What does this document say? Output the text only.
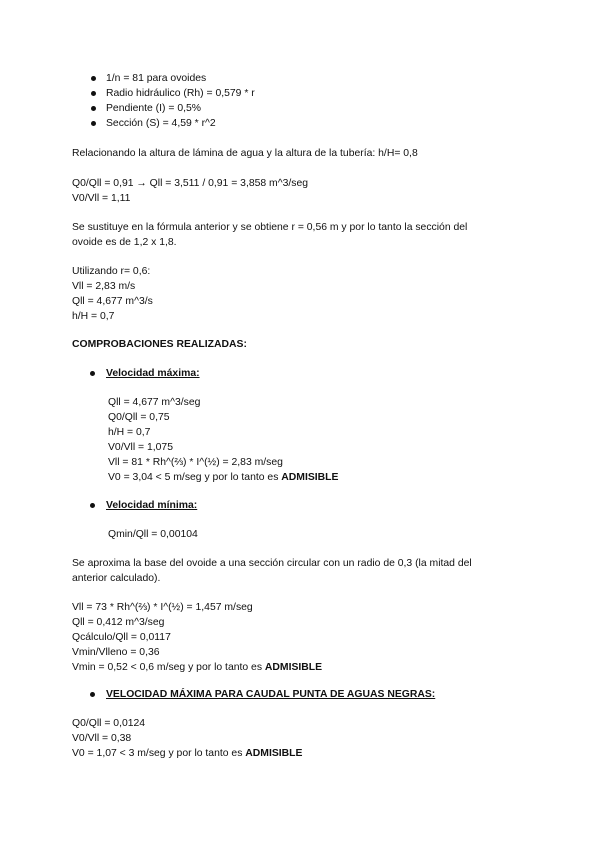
1/n = 81 para ovoides
Radio hidráulico (Rh) = 0,579 * r
Pendiente (I) = 0,5%
Sección (S) = 4,59 * r^2
Relacionando la altura de lámina de agua y la altura de la tubería: h/H= 0,8
Q0/Qll = 0,91 → Qll = 3,511 / 0,91 = 3,858 m^3/seg
V0/Vll = 1,11
Se sustituye en la fórmula anterior y se obtiene r = 0,56 m y por lo tanto la sección del
ovoide es de 1,2 x 1,8.
Utilizando r= 0,6:
Vll = 2,83 m/s
Qll = 4,677 m^3/s
h/H = 0,7
COMPROBACIONES REALIZADAS:
Velocidad máxima:
Qll = 4,677 m^3/seg
Q0/Qll = 0,75
h/H = 0,7
V0/Vll = 1,075
Vll = 81 * Rh^(⅔) * I^(½) = 2,83 m/seg
V0 = 3,04 < 5 m/seg y por lo tanto es ADMISIBLE
Velocidad mínima:
Qmin/Qll = 0,00104
Se aproxima la base del ovoide a una sección circular con un radio de 0,3 (la mitad del
anterior calculado).
Vll = 73 * Rh^(⅔) * I^(½) = 1,457 m/seg
Qll = 0,412 m^3/seg
Qcálculo/Qll = 0,0117
Vmin/Vlleno = 0,36
Vmin = 0,52 < 0,6 m/seg y por lo tanto es ADMISIBLE
VELOCIDAD MÁXIMA PARA CAUDAL PUNTA DE AGUAS NEGRAS:
Q0/Qll = 0,0124
V0/Vll = 0,38
V0 = 1,07 < 3 m/seg y por lo tanto es ADMISIBLE
